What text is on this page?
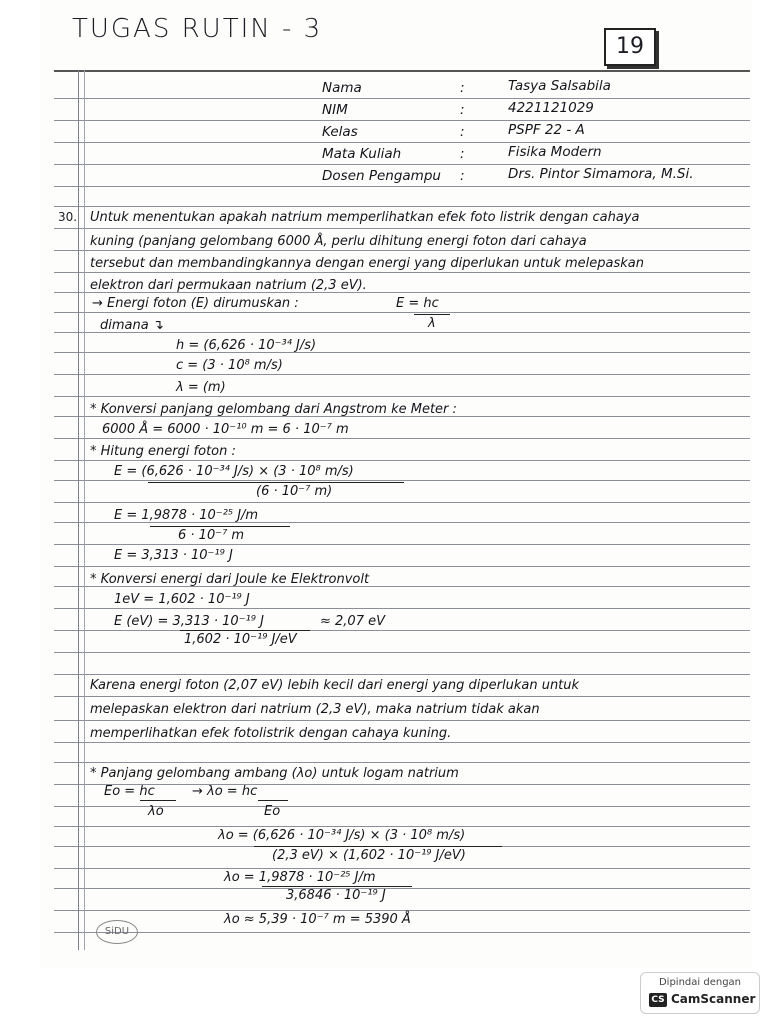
TUGAS RUTIN - 3
19
Nama	:	Tasya Salsabila
NIM	:	4221121029
Kelas	:	PSPF 22 - A
Mata Kuliah	:	Fisika Modern
Dosen Pengampu :	Drs. Pintor Simamora, M.Si.
30. Untuk menentukan apakah natrium memperlihatkan efek foto listrik dengan cahaya
kuning (panjang gelombang 6000 Å, perlu dihitung energi foton dari cahaya
tersebut dan membandingkannya dengan energi yang diperlukan untuk melepaskan
elektron dari permukaan natrium (2,3 eV).
→ Energi foton (E) dirumuskan :	E = hc
λ
dimana ↴
h = (6,626 · 10⁻³⁴ J/s)
c = (3 · 10⁸ m/s)
λ = (m)
* Konversi panjang gelombang dari Angstrom ke Meter :
6000 Å = 6000 · 10⁻¹⁰ m = 6 · 10⁻⁷ m
* Hitung energi foton :
E = (6,626 · 10⁻³⁴ J/s) × (3 · 10⁸ m/s)
(6 · 10⁻⁷ m)
E = 1,9878 · 10⁻²⁵ J/m
6 · 10⁻⁷ m
E = 3,313 · 10⁻¹⁹ J
* Konversi energi dari Joule ke Elektronvolt
1eV = 1,602 · 10⁻¹⁹ J
E (eV) = 3,313 · 10⁻¹⁹ J	≈ 2,07 eV
1,602 · 10⁻¹⁹ J/eV
Karena energi foton (2,07 eV) lebih kecil dari energi yang diperlukan untuk
melepaskan elektron dari natrium (2,3 eV), maka natrium tidak akan
memperlihatkan efek fotolistrik dengan cahaya kuning.
* Panjang gelombang ambang (λo) untuk logam natrium
Eo = hc
λo
→ λo = hc
Eo
λo = (6,626 · 10⁻³⁴ J/s) × (3 · 10⁸ m/s)
(2,3 eV) × (1,602 · 10⁻¹⁹ J/eV)
λo = 1,9878 · 10⁻²⁵ J/m
3,6846 · 10⁻¹⁹ J
λo ≈ 5,39 · 10⁻⁷ m = 5390 Å
SiDU
Dipindai dengan
CS CamScanner
